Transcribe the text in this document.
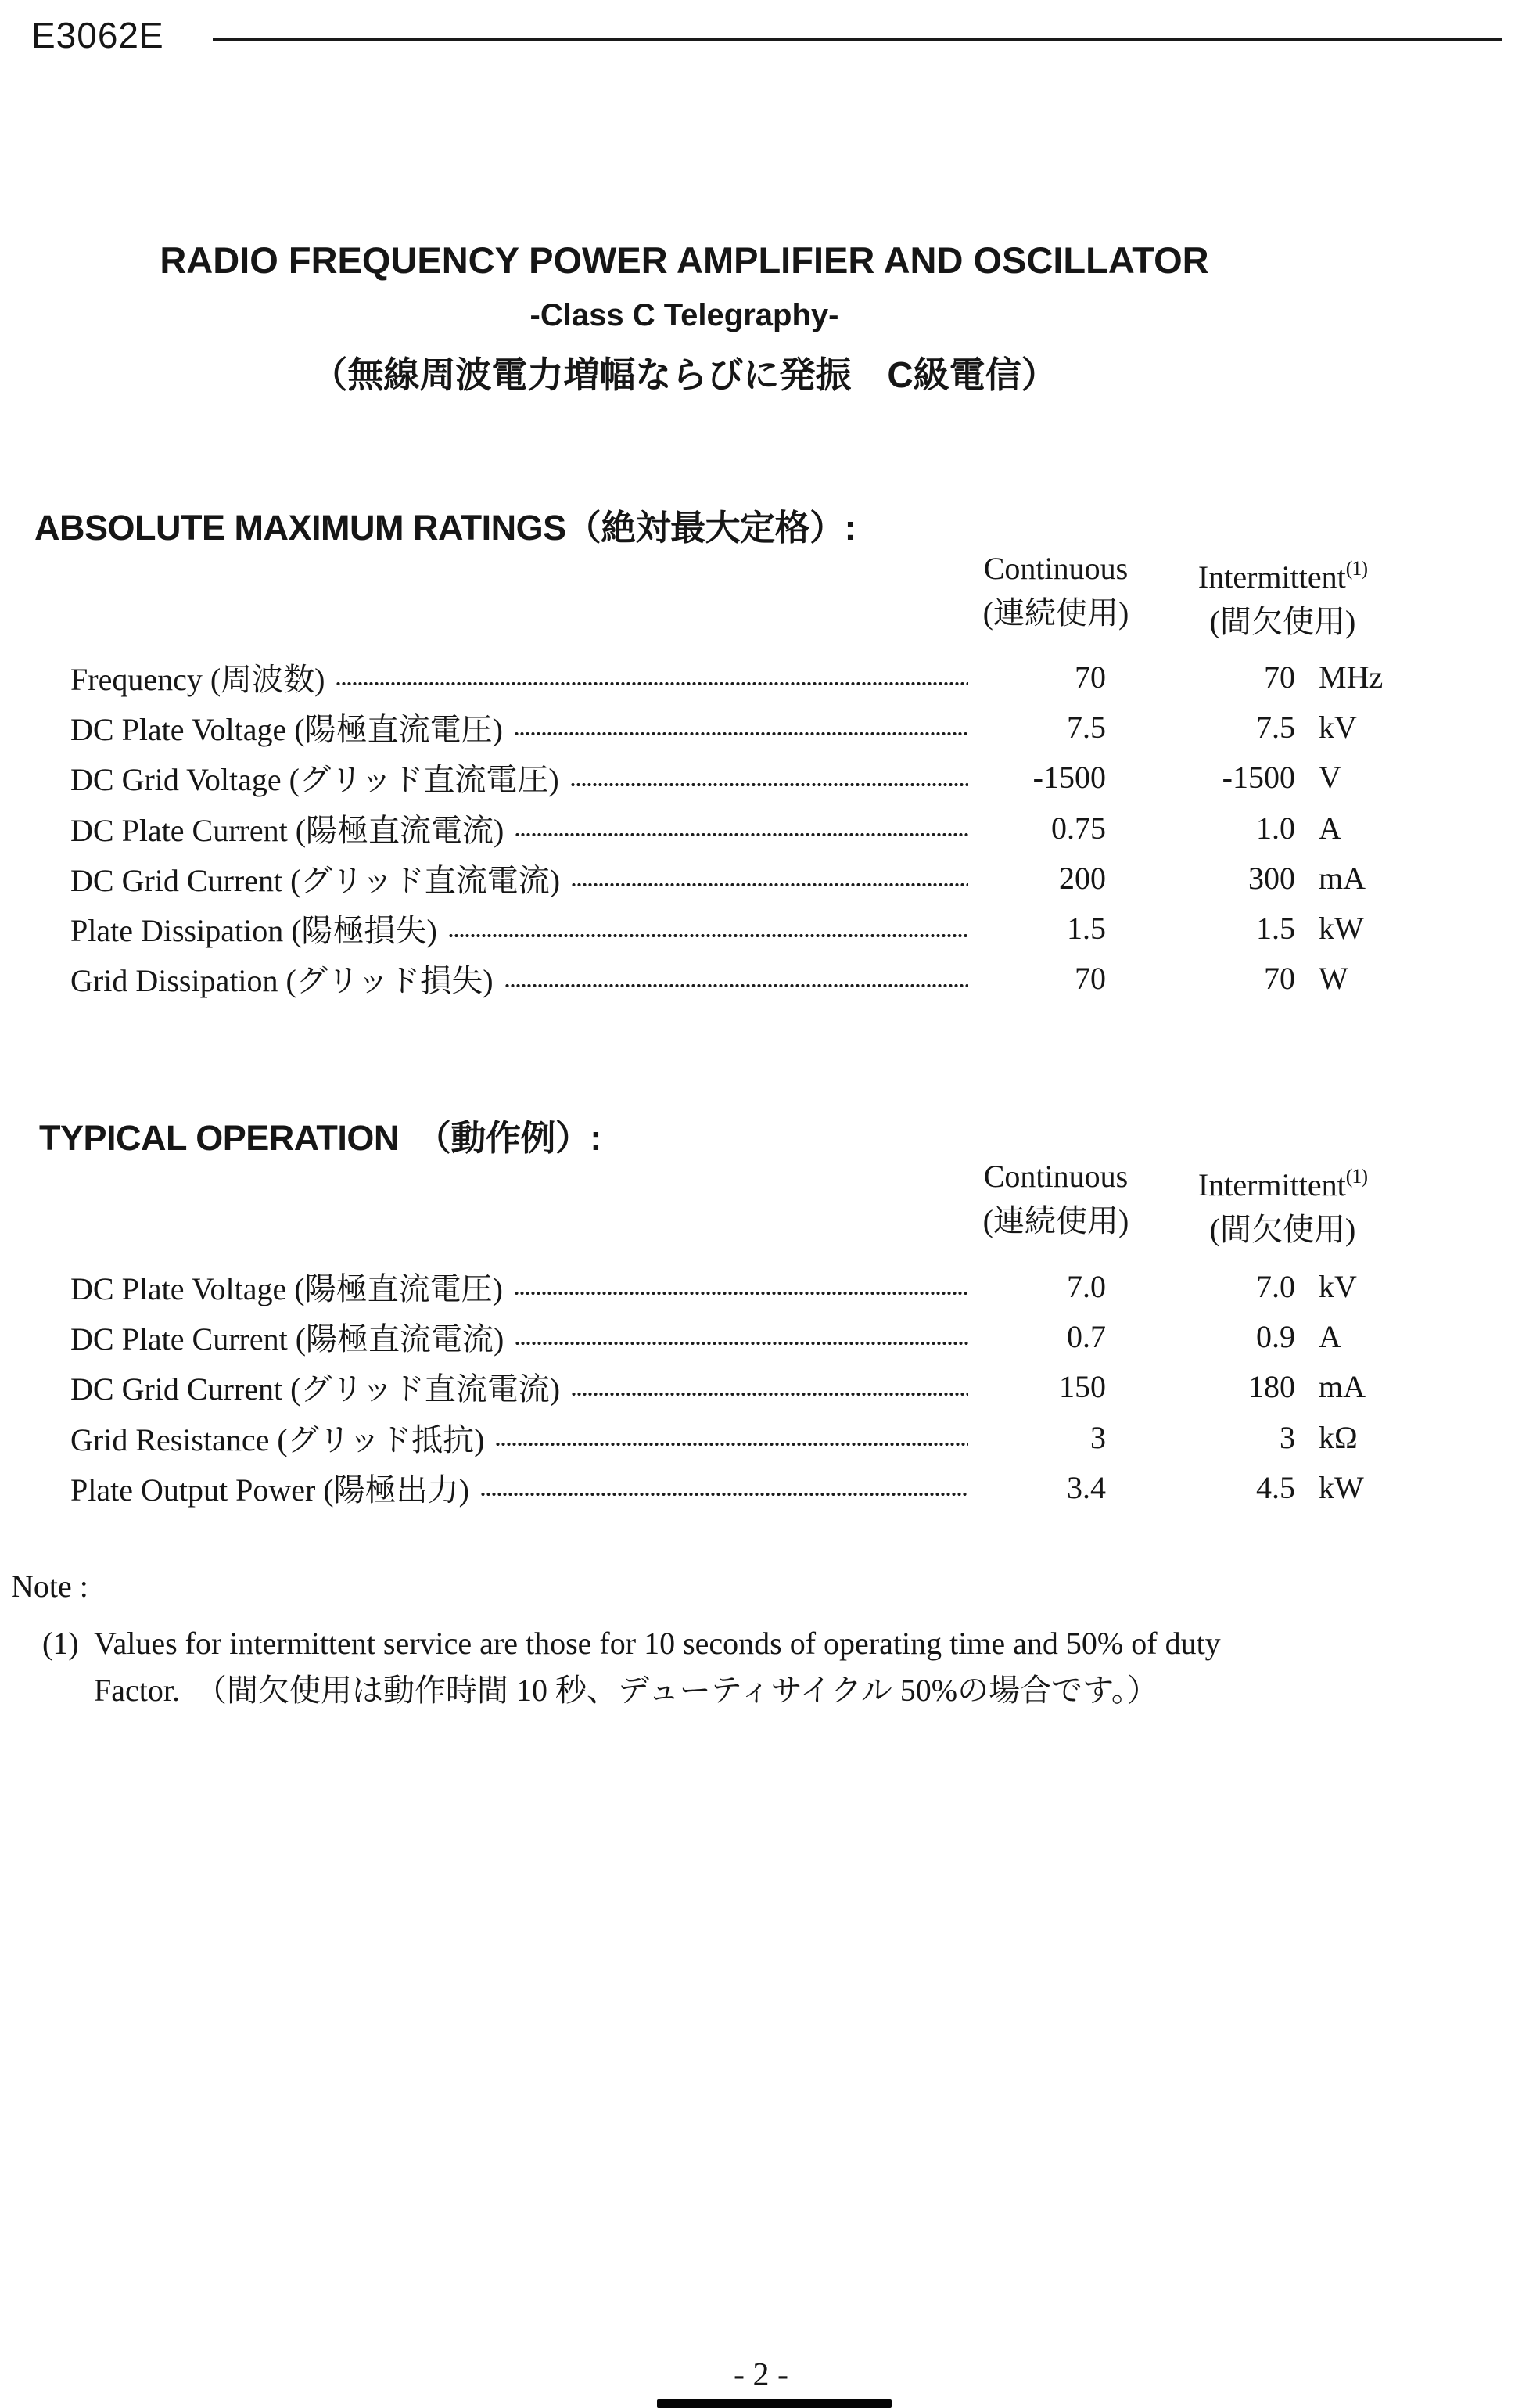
E3062E
RADIO FREQUENCY POWER AMPLIFIER AND OSCILLATOR
-Class C Telegraphy-
（無線周波電力増幅ならびに発振　C級電信）
ABSOLUTE MAXIMUM RATINGS（絶対最大定格）:
Continuous
(連続使用)
Intermittent$^{(1)}$
(間欠使用)
Frequency (周波数)	70	70 MHz
DC Plate Voltage (陽極直流電圧)	7.5	7.5 kV
DC Grid Voltage (グリッド直流電圧)	-1500	-1500 V
DC Plate Current (陽極直流電流)	0.75	1.0 A
DC Grid Current (グリッド直流電流)	200	300 mA
Plate Dissipation (陽極損失)	1.5	1.5 kW
Grid Dissipation (グリッド損失)	70	70 W
TYPICAL OPERATION　（動作例）:
Continuous
(連続使用)
Intermittent$^{(1)}$
(間欠使用)
DC Plate Voltage (陽極直流電圧)	7.0	7.0 kV
DC Plate Current (陽極直流電流)	0.7	0.9 A
DC Grid Current (グリッド直流電流)	150	180 mA
Grid Resistance (グリッド抵抗)	3	3 kΩ
Plate Output Power (陽極出力)	3.4	4.5 kW
Note :
(1) Values for intermittent service are those for 10 seconds of operating time and 50% of duty
Factor.　（間欠使用は動作時間 10 秒、デューティサイクル 50%の場合です。）
- 2 -
